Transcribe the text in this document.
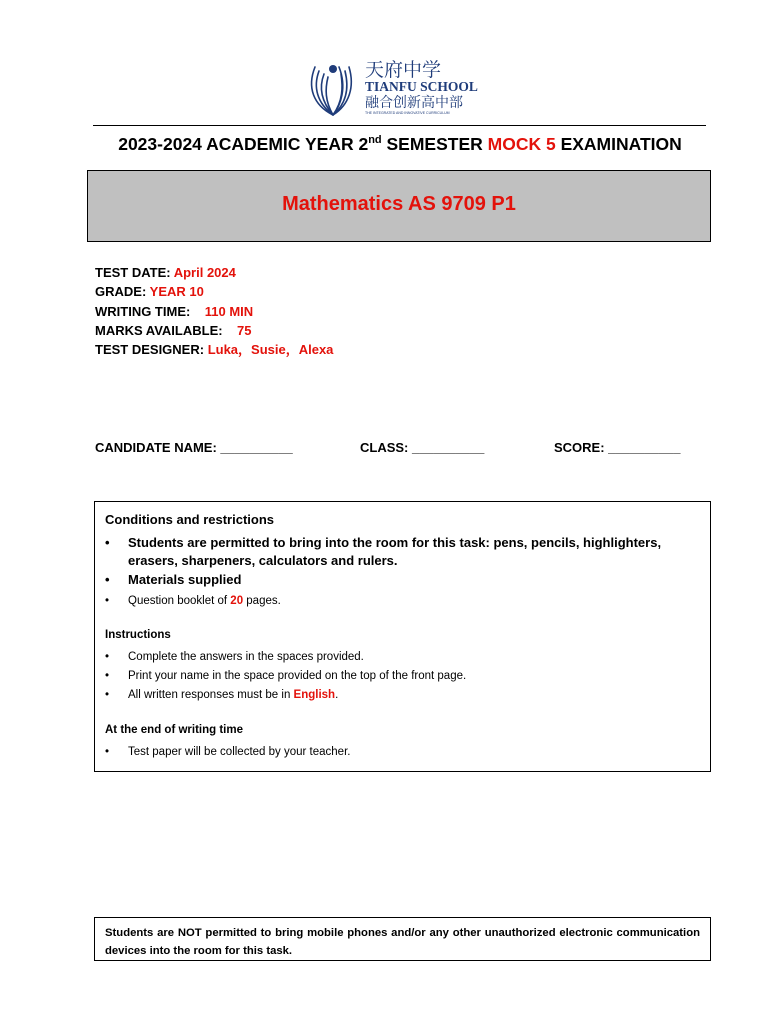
天府中学
TIANFU SCHOOL
融合创新高中部
THE INTEGRATED AND INNOVATIVE CURRICULUM
2023-2024 ACADEMIC YEAR 2nd SEMESTER MOCK 5 EXAMINATION
Mathematics AS 9709 P1
TEST DATE: April 2024
GRADE: YEAR 10
WRITING TIME:    110 MIN
MARKS AVAILABLE:    75
TEST DESIGNER: Luka，Susie，Alexa
CANDIDATE NAME: __________	CLASS: __________	SCORE: __________
Conditions and restrictions
•	Students are permitted to bring into the room for this task: pens, pencils, highlighters, erasers, sharpeners, calculators and rulers.
•	Materials supplied
•	Question booklet of 20 pages.
Instructions
•	Complete the answers in the spaces provided.
•	Print your name in the space provided on the top of the front page.
•	All written responses must be in English.
At the end of writing time
•	Test paper will be collected by your teacher.
Students are NOT permitted to bring mobile phones and/or any other unauthorized electronic communication devices into the room for this task.
